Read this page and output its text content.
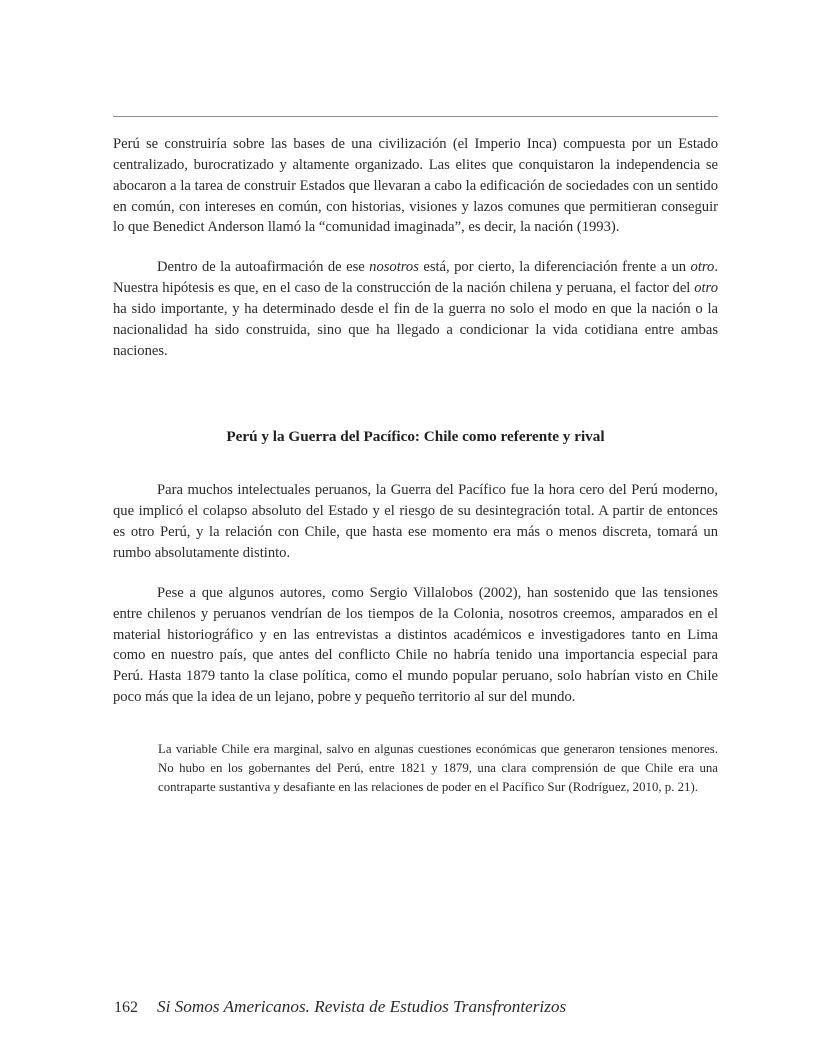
Perú se construiría sobre las bases de una civilización (el Imperio Inca) compuesta por un Estado centralizado, burocratizado y altamente organizado. Las elites que conquistaron la independencia se abocaron a la tarea de construir Estados que llevaran a cabo la edificación de sociedades con un sentido en común, con intereses en común, con historias, visiones y lazos comunes que permitieran conseguir lo que Benedict Anderson llamó la “comunidad imaginada”, es decir, la nación (1993).

Dentro de la autoafirmación de ese nosotros está, por cierto, la diferenciación frente a un otro. Nuestra hipótesis es que, en el caso de la construcción de la nación chilena y peruana, el factor del otro ha sido importante, y ha determinado desde el fin de la guerra no solo el modo en que la nación o la nacionalidad ha sido construida, sino que ha llegado a condicionar la vida cotidiana entre ambas naciones.

Perú y la Guerra del Pacífico: Chile como referente y rival

Para muchos intelectuales peruanos, la Guerra del Pacífico fue la hora cero del Perú moderno, que implicó el colapso absoluto del Estado y el riesgo de su desintegración total. A partir de entonces es otro Perú, y la relación con Chile, que hasta ese momento era más o menos discreta, tomará un rumbo absolutamente distinto.

Pese a que algunos autores, como Sergio Villalobos (2002), han sostenido que las tensiones entre chilenos y peruanos vendrían de los tiempos de la Colonia, nosotros creemos, amparados en el material historiográfico y en las entrevistas a distintos académicos e investigadores tanto en Lima como en nuestro país, que antes del conflicto Chile no habría tenido una importancia especial para Perú. Hasta 1879 tanto la clase política, como el mundo popular peruano, solo habrían visto en Chile poco más que la idea de un lejano, pobre y pequeño territorio al sur del mundo.

La variable Chile era marginal, salvo en algunas cuestiones económicas que generaron tensiones menores. No hubo en los gobernantes del Perú, entre 1821 y 1879, una clara comprensión de que Chile era una contraparte sustantiva y desafiante en las relaciones de poder en el Pacífico Sur (Rodríguez, 2010, p. 21).
162 Si Somos Americanos. Revista de Estudios Transfronterizos
